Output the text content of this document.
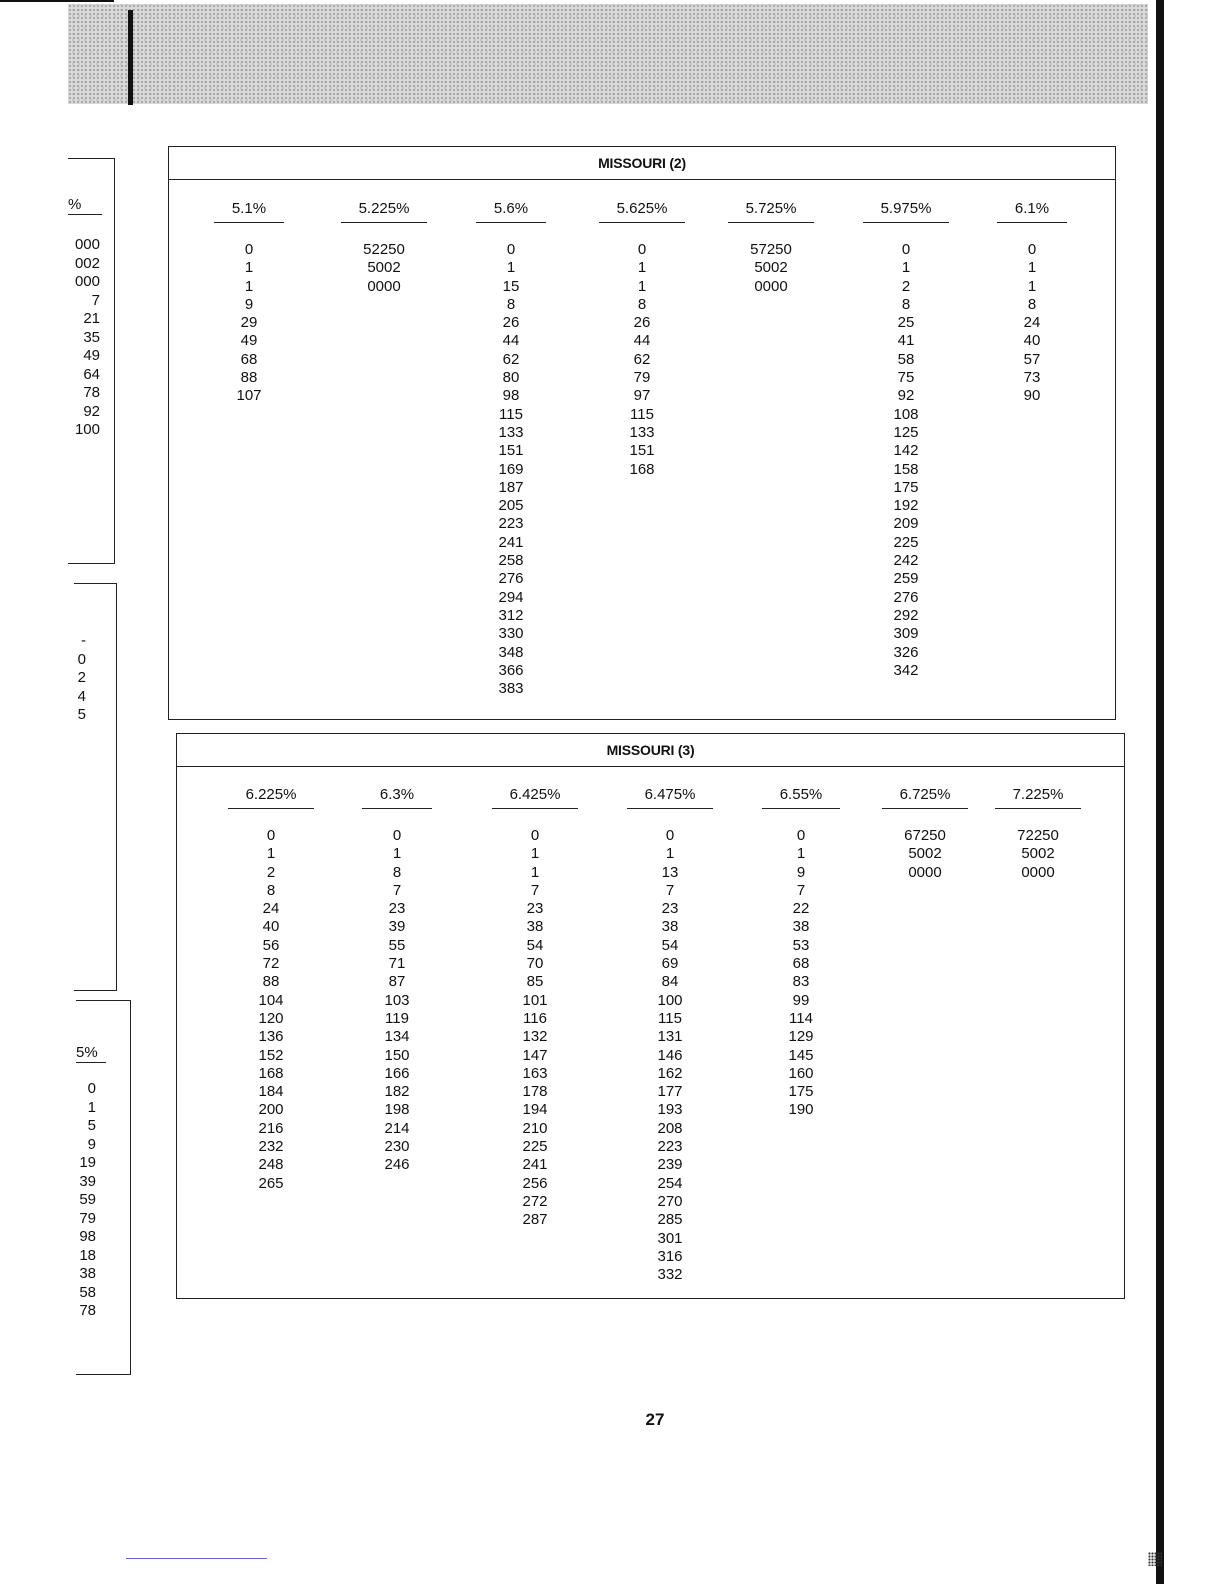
%
000
002
000
7
21
35
49
64
78
92
100
-
0
2
4
5
5%
0
1
5
9
19
39
59
79
98
18
38
58
78
MISSOURI (2)
5.1%
0
1
1
9
29
49
68
88
107
5.225%
52250
5002
0000
5.6%
0
1
15
8
26
44
62
80
98
115
133
151
169
187
205
223
241
258
276
294
312
330
348
366
383
5.625%
0
1
1
8
26
44
62
79
97
115
133
151
168
5.725%
57250
5002
0000
5.975%
0
1
2
8
25
41
58
75
92
108
125
142
158
175
192
209
225
242
259
276
292
309
326
342
6.1%
0
1
1
8
24
40
57
73
90
MISSOURI (3)
6.225%
0
1
2
8
24
40
56
72
88
104
120
136
152
168
184
200
216
232
248
265
6.3%
0
1
8
7
23
39
55
71
87
103
119
134
150
166
182
198
214
230
246
6.425%
0
1
1
7
23
38
54
70
85
101
116
132
147
163
178
194
210
225
241
256
272
287
6.475%
0
1
13
7
23
38
54
69
84
100
115
131
146
162
177
193
208
223
239
254
270
285
301
316
332
6.55%
0
1
9
7
22
38
53
68
83
99
114
129
145
160
175
190
6.725%
67250
5002
0000
7.225%
72250
5002
0000
27
